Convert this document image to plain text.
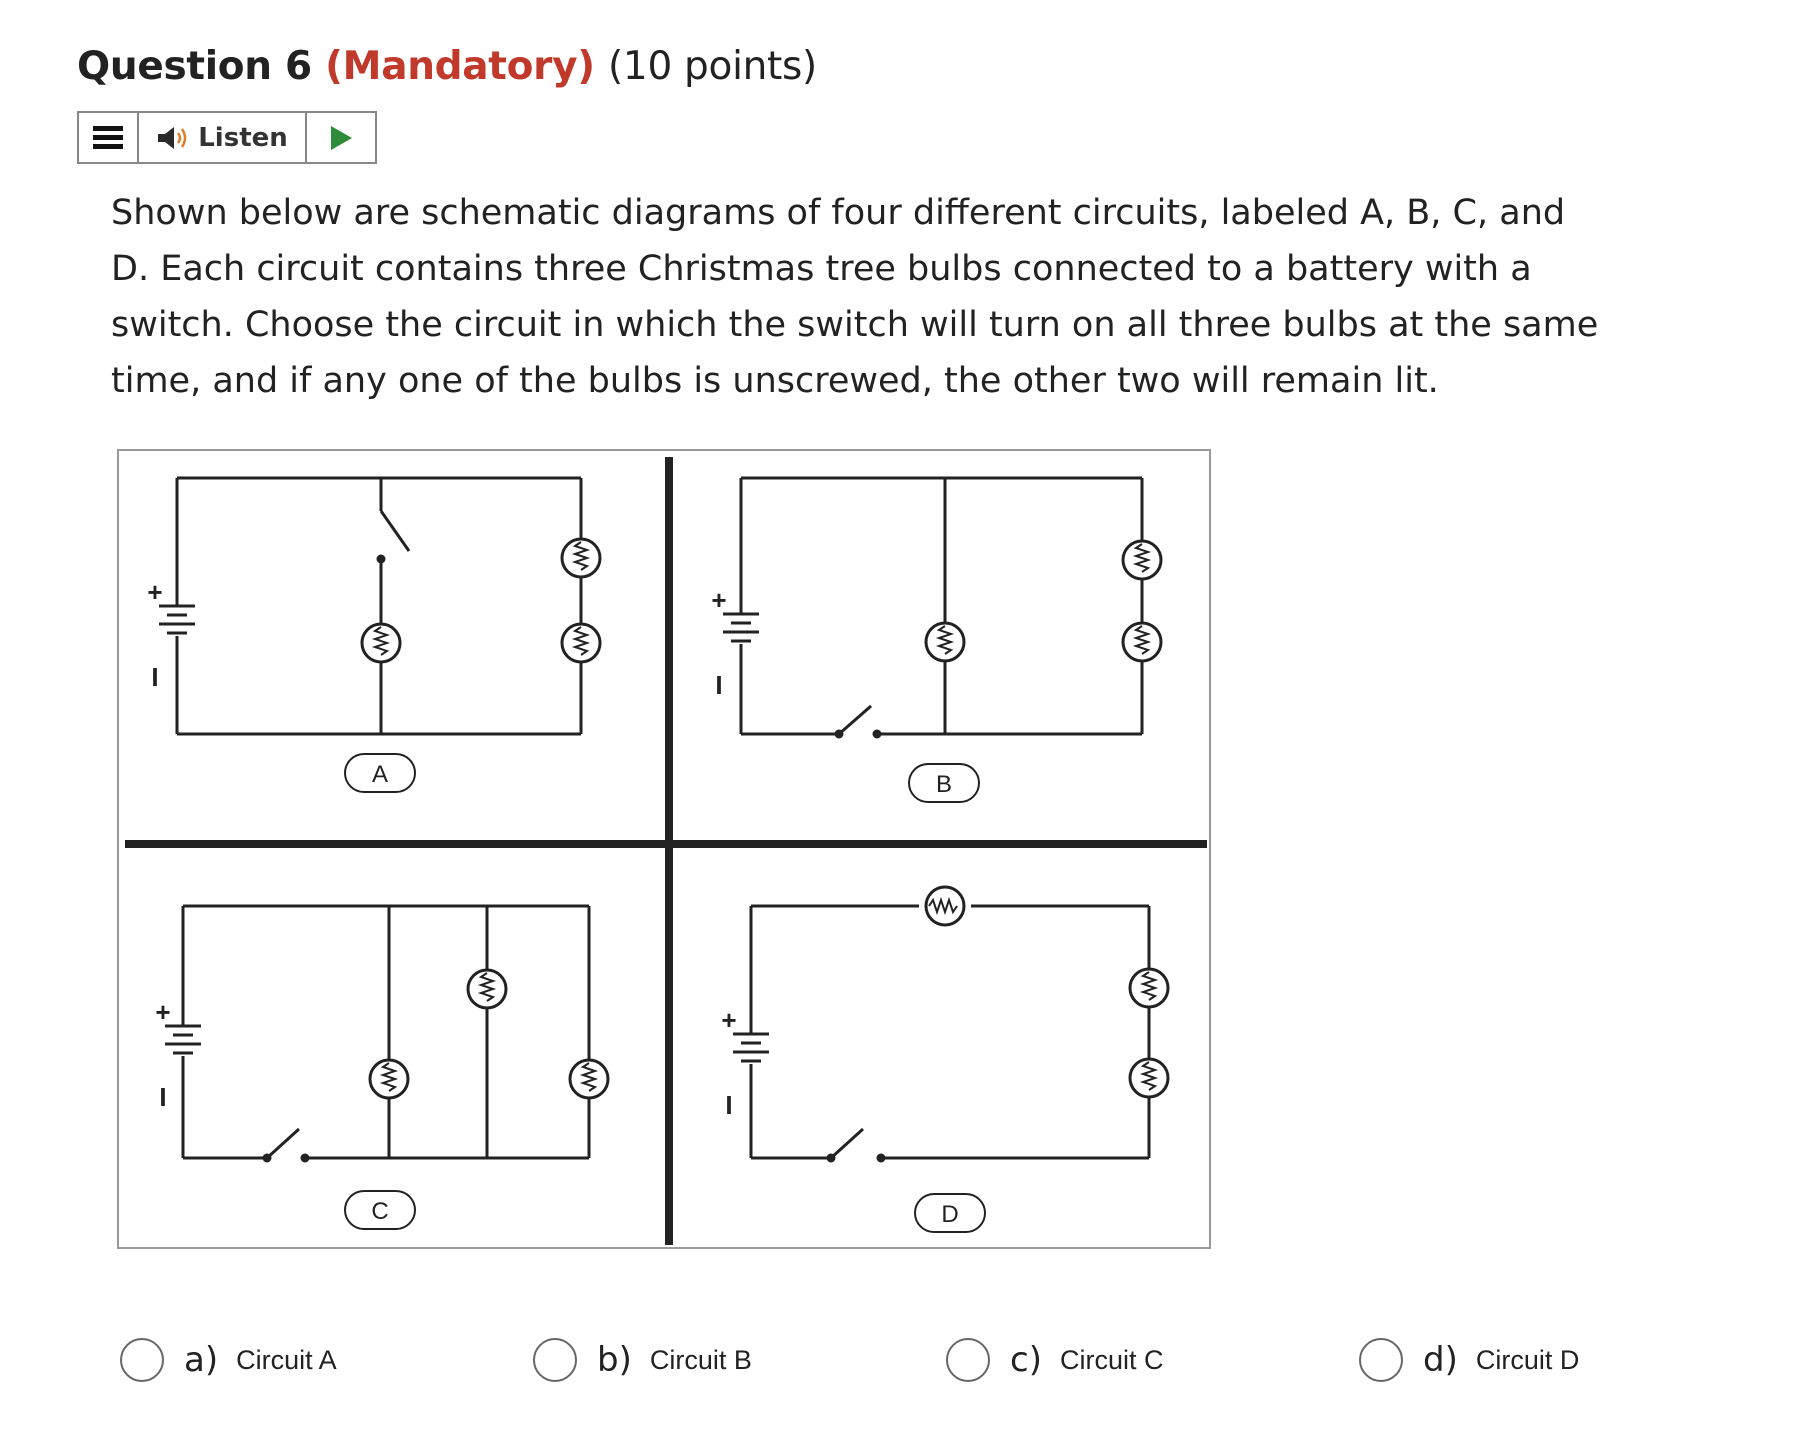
Question 6 (Mandatory) (10 points)
Listen

Shown below are schematic diagrams of four different circuits, labeled A, B, C, and D. Each circuit contains three Christmas tree bulbs connected to a battery with a switch. Choose the circuit in which the switch will turn on all three bulbs at the same time, and if any one of the bulbs is unscrewed, the other two will remain lit.

+
I
+
I
+
I
+
I
A	B
C	D
a) Circuit A	b) Circuit B	c) Circuit C	d) Circuit D
